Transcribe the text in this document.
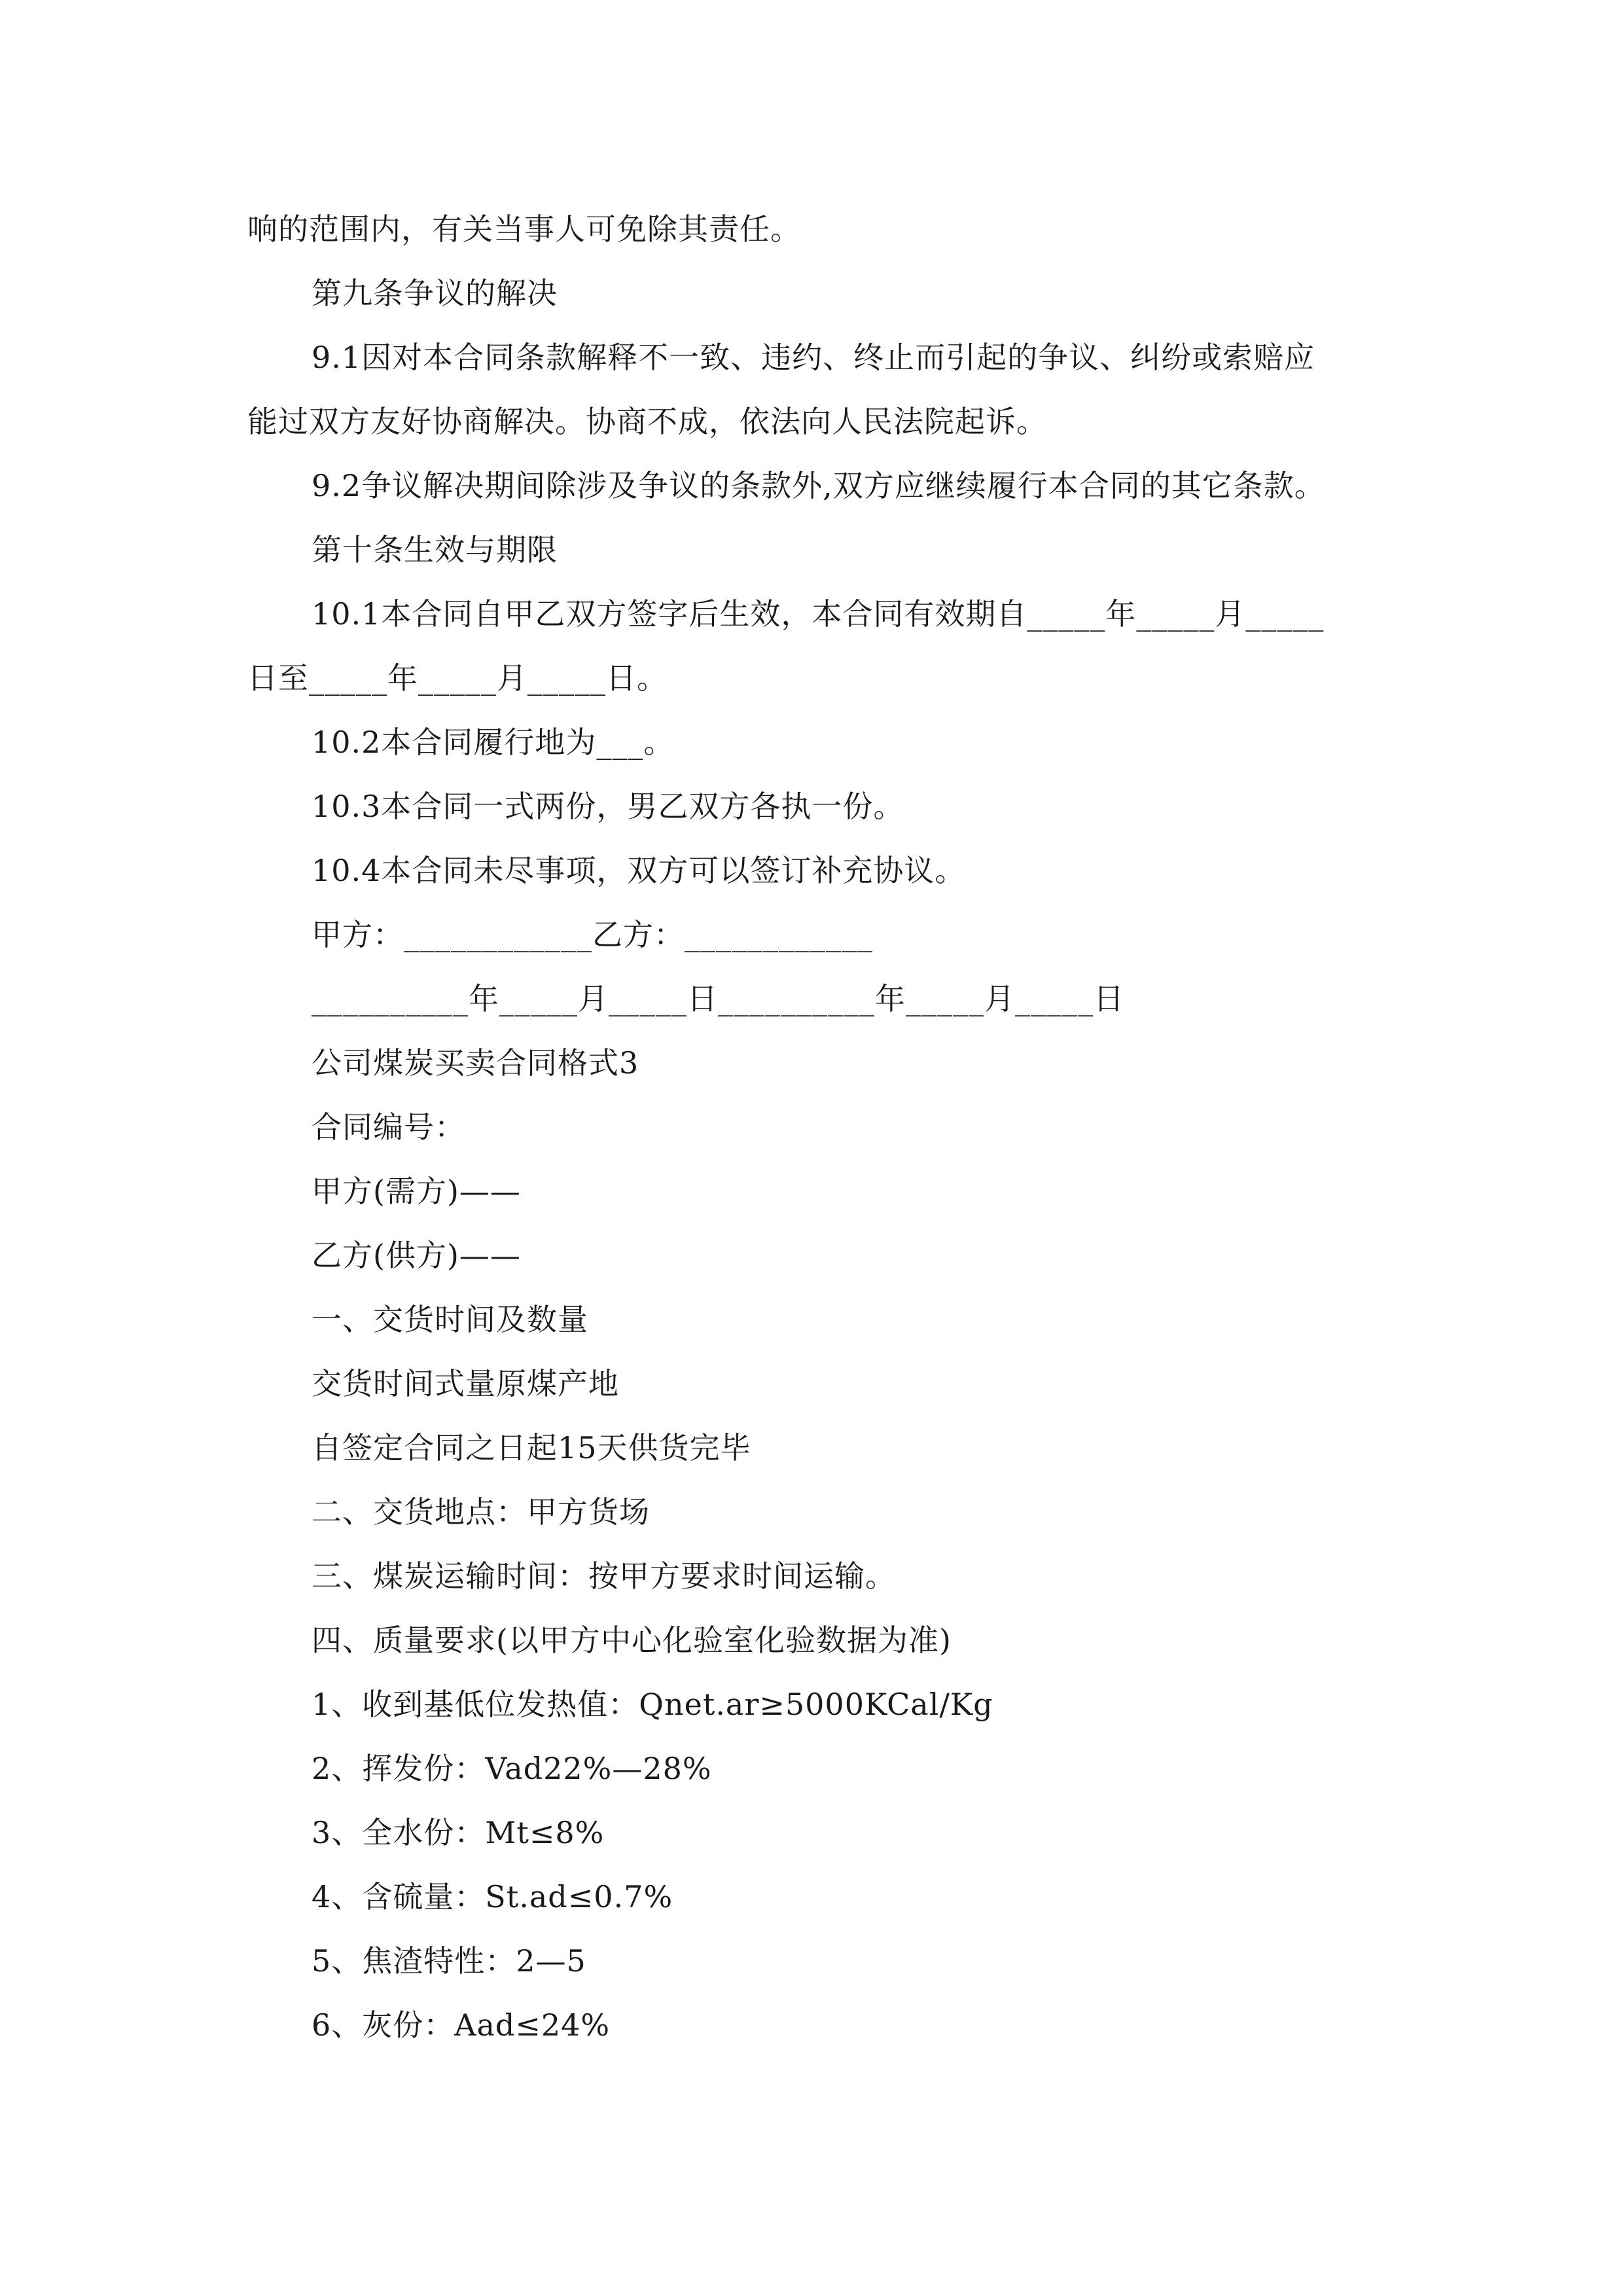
响的范围内，有关当事人可免除其责任。
第九条争议的解决
9.1因对本合同条款解释不一致、违约、终止而引起的争议、纠纷或索赔应
能过双方友好协商解决。协商不成，依法向人民法院起诉。
9.2争议解决期间除涉及争议的条款外,双方应继续履行本合同的其它条款。
第十条生效与期限
10.1本合同自甲乙双方签字后生效，本合同有效期自_____年_____月_____
日至_____年_____月_____日。
10.2本合同履行地为___。
10.3本合同一式两份，男乙双方各执一份。
10.4本合同未尽事项，双方可以签订补充协议。
甲方：____________乙方：____________
__________年_____月_____日__________年_____月_____日
公司煤炭买卖合同格式3
合同编号：
甲方(需方)——
乙方(供方)——
一、交货时间及数量
交货时间式量原煤产地
自签定合同之日起15天供货完毕
二、交货地点：甲方货场
三、煤炭运输时间：按甲方要求时间运输。
四、质量要求(以甲方中心化验室化验数据为准)
1、收到基低位发热值：Qnet.ar≥5000KCal/Kg
2、挥发份：Vad22%—28%
3、全水份：Mt≤8%
4、含硫量：St.ad≤0.7%
5、焦渣特性：2—5
6、灰份：Aad≤24%
